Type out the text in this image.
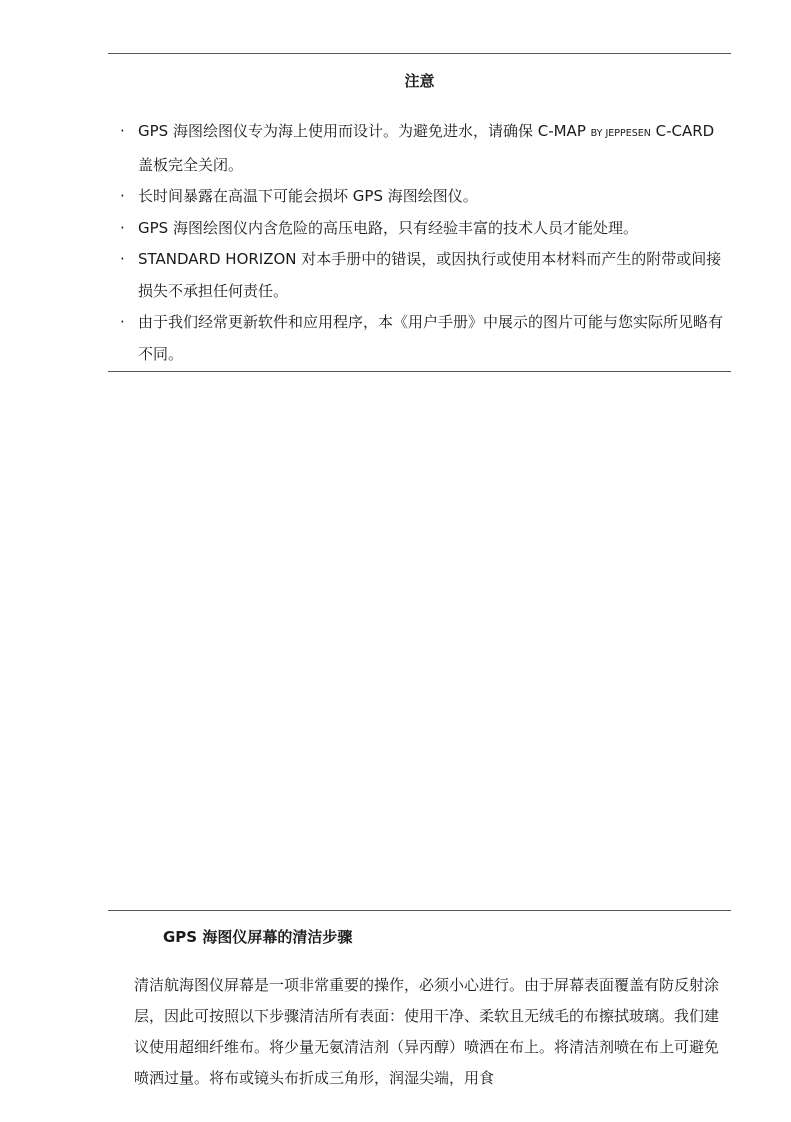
注意
· GPS 海图绘图仪专为海上使用而设计。为避免进水，请确保 C-MAP BY JEPPESEN C-CARD 盖板完全关闭。
· 长时间暴露在高温下可能会损坏 GPS 海图绘图仪。
· GPS 海图绘图仪内含危险的高压电路，只有经验丰富的技术人员才能处理。
· STANDARD HORIZON 对本手册中的错误，或因执行或使用本材料而产生的附带或间接损失不承担任何责任。
· 由于我们经常更新软件和应用程序，本《用户手册》中展示的图片可能与您实际所见略有不同。
GPS 海图仪屏幕的清洁步骤

清洁航海图仪屏幕是一项非常重要的操作，必须小心进行。由于屏幕表面覆盖有防反射涂层，因此可按照以下步骤清洁所有表面：使用干净、柔软且无绒毛的布擦拭玻璃。我们建议使用超细纤维布。将少量无氨清洁剂（异丙醇）喷洒在布上。将清洁剂喷在布上可避免喷洒过量。将布或镜头布折成三角形，润湿尖端，用食
